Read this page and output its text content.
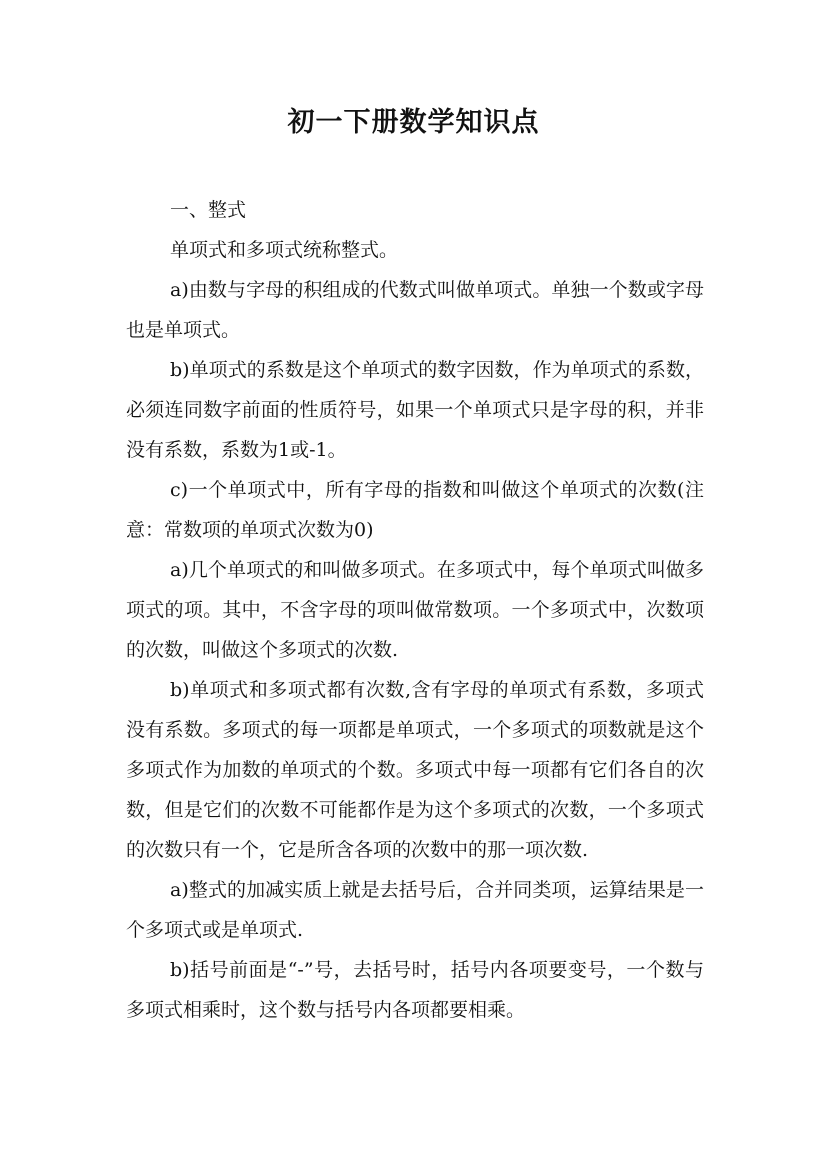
初一下册数学知识点

一、整式

单项式和多项式统称整式。

a)由数与字母的积组成的代数式叫做单项式。单独一个数或字母也是单项式。

b)单项式的系数是这个单项式的数字因数，作为单项式的系数，必须连同数字前面的性质符号，如果一个单项式只是字母的积，并非没有系数，系数为1或-1。

c)一个单项式中，所有字母的指数和叫做这个单项式的次数(注意：常数项的单项式次数为0)

a)几个单项式的和叫做多项式。在多项式中，每个单项式叫做多项式的项。其中，不含字母的项叫做常数项。一个多项式中，次数项的次数，叫做这个多项式的次数.

b)单项式和多项式都有次数,含有字母的单项式有系数，多项式没有系数。多项式的每一项都是单项式，一个多项式的项数就是这个多项式作为加数的单项式的个数。多项式中每一项都有它们各自的次数，但是它们的次数不可能都作是为这个多项式的次数，一个多项式的次数只有一个，它是所含各项的次数中的那一项次数.

a)整式的加减实质上就是去括号后，合并同类项，运算结果是一个多项式或是单项式.

b)括号前面是“-”号，去括号时，括号内各项要变号，一个数与多项式相乘时，这个数与括号内各项都要相乘。
